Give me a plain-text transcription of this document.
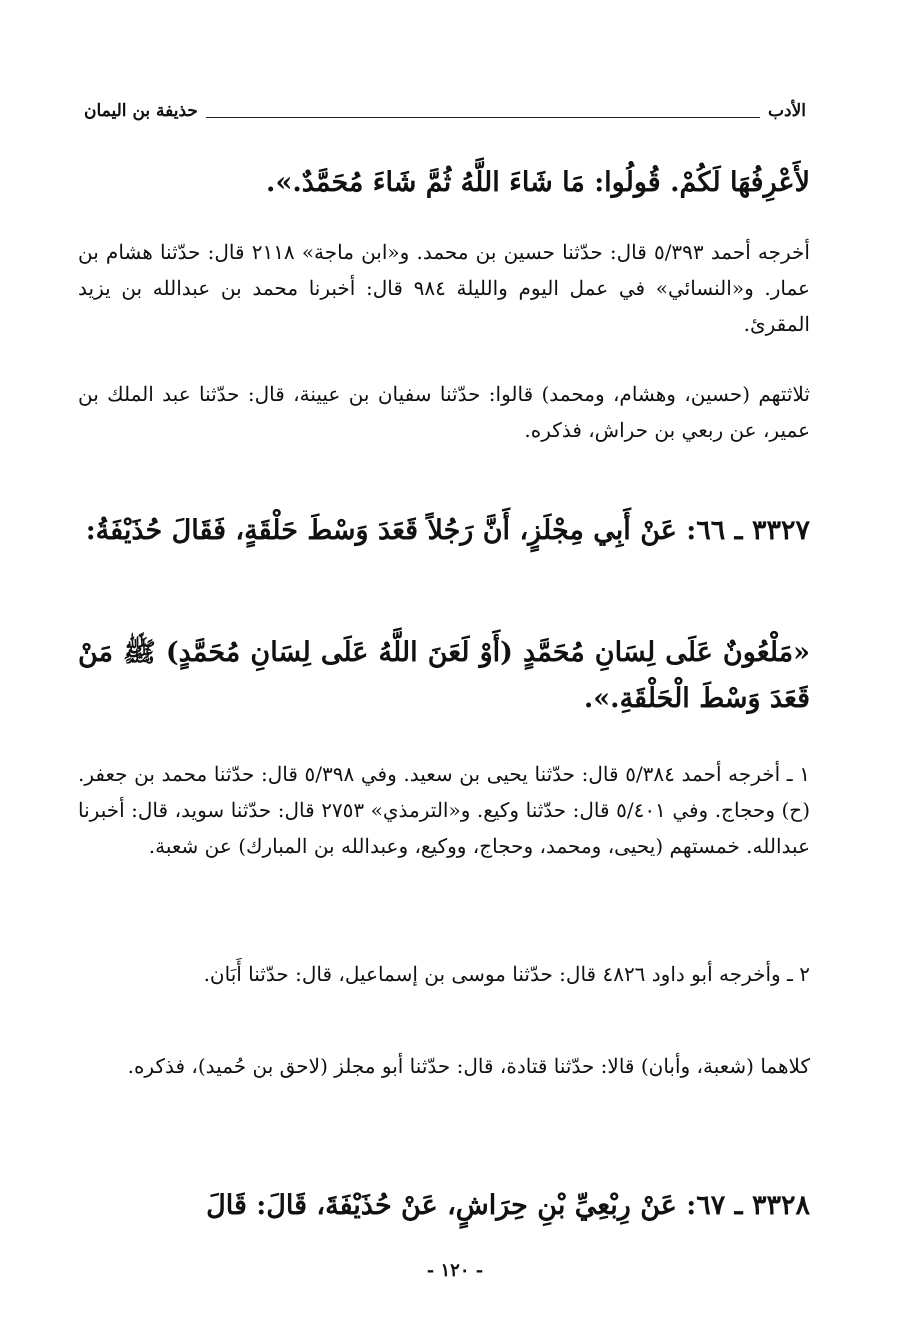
الأدب
حذيفة بن اليمان
لأَعْرِفُهَا لَكُمْ. قُولُوا: مَا شَاءَ اللَّهُ ثُمَّ شَاءَ مُحَمَّدٌ.».
أخرجه أحمد ٥/٣٩٣ قال: حدّثنا حسين بن محمد. و«ابن ماجة» ٢١١٨ قال: حدّثنا هشام بن عمار. و«النسائي» في عمل اليوم والليلة ٩٨٤ قال: أخبرنا محمد بن عبدالله بن يزيد المقرئ.
ثلاثتهم (حسين، وهشام، ومحمد) قالوا: حدّثنا سفيان بن عيينة، قال: حدّثنا عبد الملك بن عمير، عن ربعي بن حراش، فذكره.
٣٣٢٧ ـ ٦٦: عَنْ أَبِي مِجْلَزٍ، أَنَّ رَجُلاً قَعَدَ وَسْطَ حَلْقَةٍ، فَقَالَ حُذَيْفَةُ:
«مَلْعُونٌ عَلَى لِسَانِ مُحَمَّدٍ (أَوْ لَعَنَ اللَّهُ عَلَى لِسَانِ مُحَمَّدٍ) ﷺ مَنْ قَعَدَ وَسْطَ الْحَلْقَةِ.».
١ ـ أخرجه أحمد ٥/٣٨٤ قال: حدّثنا يحيى بن سعيد. وفي ٥/٣٩٨ قال: حدّثنا محمد بن جعفر. (ح) وحجاج. وفي ٥/٤٠١ قال: حدّثنا وكيع. و«الترمذي» ٢٧٥٣ قال: حدّثنا سويد، قال: أخبرنا عبدالله. خمستهم (يحيى، ومحمد، وحجاج، ووكيع، وعبدالله بن المبارك) عن شعبة.
٢ ـ وأخرجه أبو داود ٤٨٢٦ قال: حدّثنا موسى بن إسماعيل، قال: حدّثنا أَبَان.
كلاهما (شعبة، وأبان) قالا: حدّثنا قتادة، قال: حدّثنا أبو مجلز (لاحق بن حُميد)، فذكره.
٣٣٢٨ ـ ٦٧: عَنْ رِبْعِيِّ بْنِ حِرَاشٍ، عَنْ حُذَيْفَةَ، قَالَ: قَالَ
- ١٢٠ -
